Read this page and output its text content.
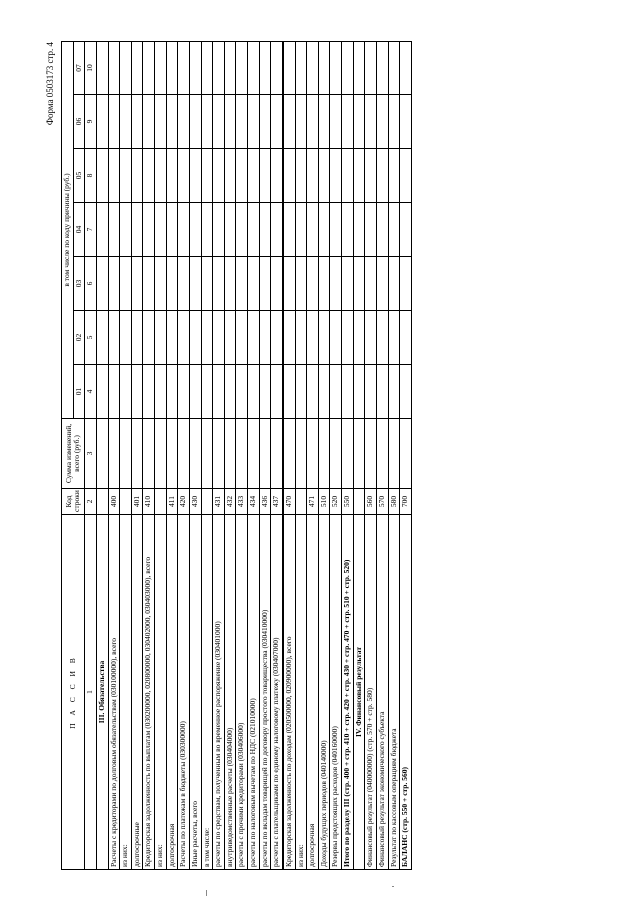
Форма 0503173 стр. 4
П А С С И В	Код строки	Сумма изменений, всего (руб.)	в том числе по коду причины (руб.)						
			01	02	03	04	05	06	07
1	2	3	4	5	6	7	8	9	10
III. Обязательства									
Расчеты с кредиторами по долговым обязательствам (030100000), всего	400								
из них:									
долгосрочные	401								
Кредиторская задолженность по выплатам (030200000, 020800000, 030402000, 030403000), всего	410								
из них:									
долгосрочная	411								
Расчеты по платежам в бюджеты (030300000)	420								
Иные расчеты, всего	430								
в том числе:									
расчеты по средствам, полученным во временное распоряжение (030401000)	431								
внутриведомственные расчеты (030404000)	432								
расчеты с прочими кредиторами (030406000)	433								
расчеты по налоговым вычетам по НДС (021010000)	434								
расчеты по вкладам товарищей по договору простого товарищества (030410000)	436								
расчеты с плательщиками по единому налоговому платежу (030407000)	437								
Кредиторская задолженность по доходам (020500000, 020900000), всего	470								
из них:									
долгосрочная	471								
Доходы будущих периодов (040140000)	510								
Резервы предстоящих расходов (040160000)	520								
Итого по разделу III (стр. 400 + стр. 410 + стр. 420 + стр. 430 + стр. 470 + стр. 510 + стр. 520)	550								
IV. Финансовый результат									
Финансовый результат (040000000) (стр. 570 + стр. 580)	560								
Финансовый результат экономического субъекта	570								
Результат по кассовым операциям бюджета	580								
БАЛАНС (стр. 550 + стр. 560)	700								
